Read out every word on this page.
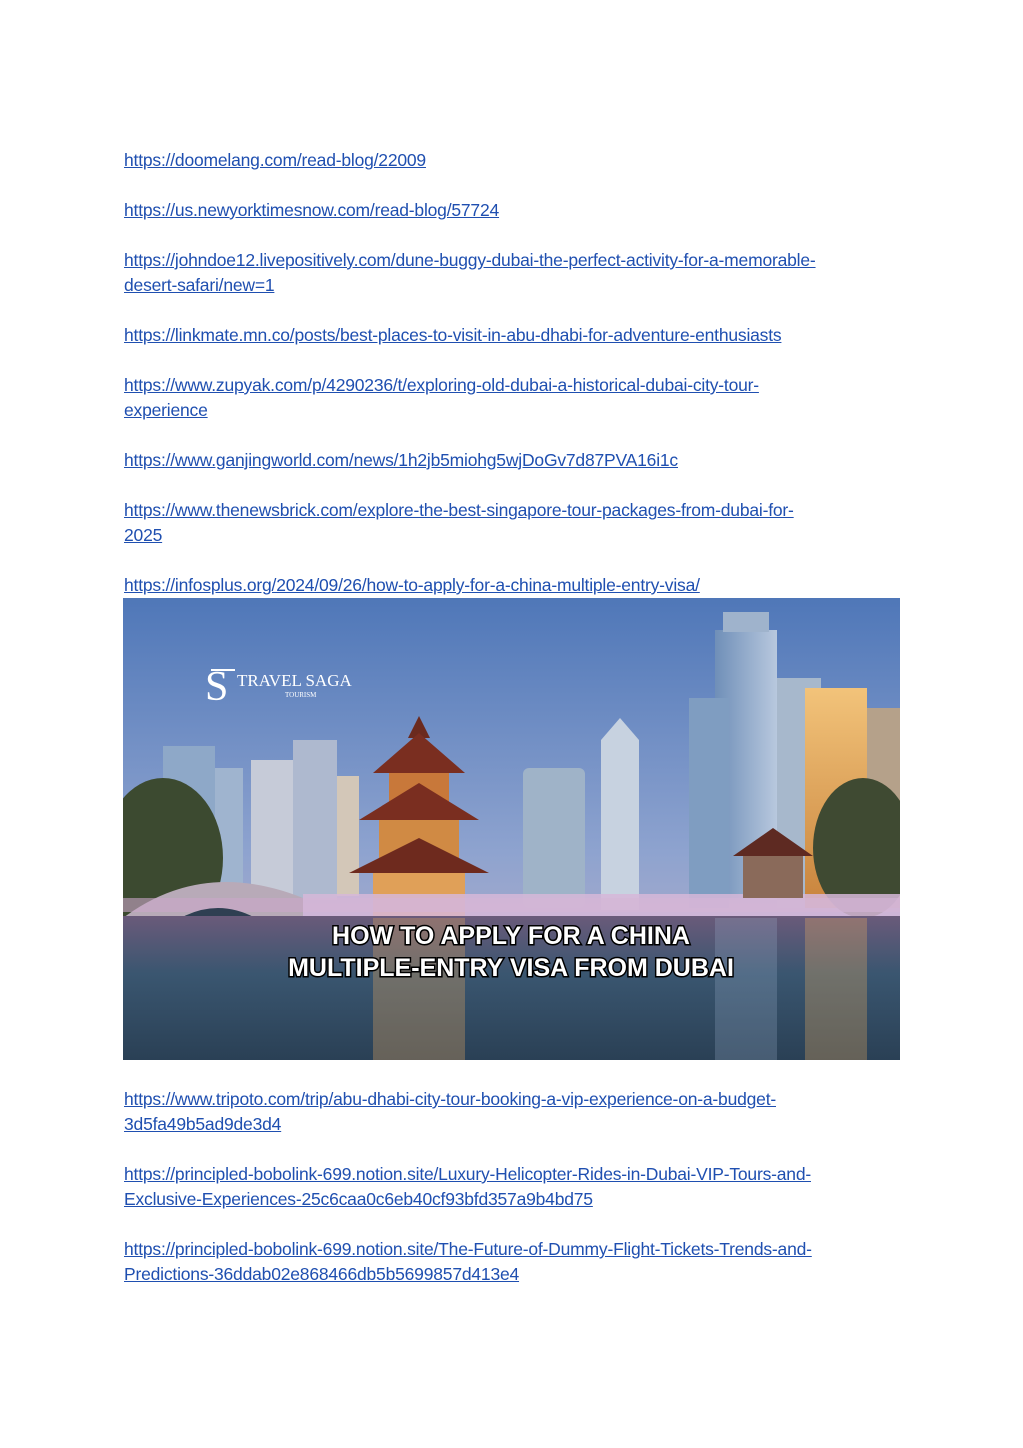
https://doomelang.com/read-blog/22009
https://us.newyorktimesnow.com/read-blog/57724
https://johndoe12.livepositively.com/dune-buggy-dubai-the-perfect-activity-for-a-memorable-
desert-safari/new=1
https://linkmate.mn.co/posts/best-places-to-visit-in-abu-dhabi-for-adventure-enthusiasts
https://www.zupyak.com/p/4290236/t/exploring-old-dubai-a-historical-dubai-city-tour-
experience
https://www.ganjingworld.com/news/1h2jb5miohg5wjDoGv7d87PVA16i1c
https://www.thenewsbrick.com/explore-the-best-singapore-tour-packages-from-dubai-for-
2025
https://infosplus.org/2024/09/26/how-to-apply-for-a-china-multiple-entry-visa/
S TRAVEL SAGA
TOURISM
HOW TO APPLY FOR A CHINA
MULTIPLE-ENTRY VISA FROM DUBAI
https://www.tripoto.com/trip/abu-dhabi-city-tour-booking-a-vip-experience-on-a-budget-
3d5fa49b5ad9de3d4
https://principled-bobolink-699.notion.site/Luxury-Helicopter-Rides-in-Dubai-VIP-Tours-and-
Exclusive-Experiences-25c6caa0c6eb40cf93bfd357a9b4bd75
https://principled-bobolink-699.notion.site/The-Future-of-Dummy-Flight-Tickets-Trends-and-
Predictions-36ddab02e868466db5b5699857d413e4
